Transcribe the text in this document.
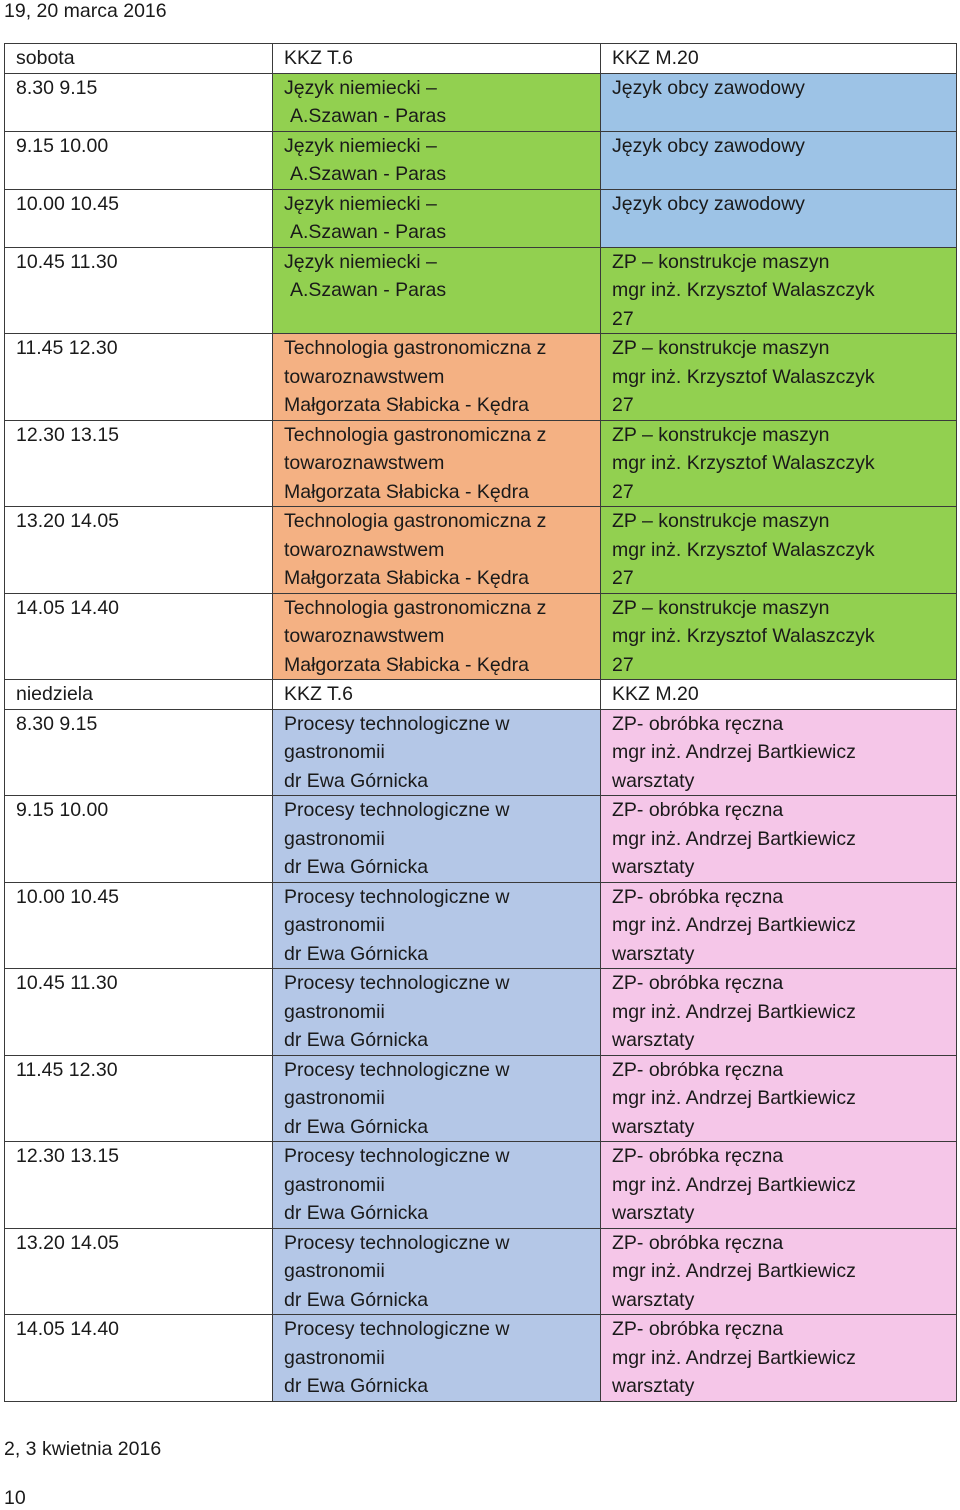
19, 20 marca 2016
sobota	KKZ T.6	KKZ M.20
8.30 9.15	Język niemiecki –
A.Szawan - Paras	Język obcy zawodowy

9.15 10.00	Język niemiecki –
A.Szawan - Paras	Język obcy zawodowy

10.00 10.45	Język niemiecki –
A.Szawan - Paras	Język obcy zawodowy

10.45 11.30	Język niemiecki –
A.Szawan - Paras	ZP – konstrukcje maszyn
mgr inż. Krzysztof Walaszczyk
27

11.45 12.30	Technologia gastronomiczna z
towaroznawstwem
Małgorzata Słabicka - Kędra	ZP – konstrukcje maszyn
mgr inż. Krzysztof Walaszczyk
27

12.30 13.15	Technologia gastronomiczna z
towaroznawstwem
Małgorzata Słabicka - Kędra	ZP – konstrukcje maszyn
mgr inż. Krzysztof Walaszczyk
27

13.20 14.05	Technologia gastronomiczna z
towaroznawstwem
Małgorzata Słabicka - Kędra	ZP – konstrukcje maszyn
mgr inż. Krzysztof Walaszczyk
27

14.05 14.40	Technologia gastronomiczna z
towaroznawstwem
Małgorzata Słabicka - Kędra	ZP – konstrukcje maszyn
mgr inż. Krzysztof Walaszczyk
27

niedziela	KKZ T.6	KKZ M.20
8.30 9.15	Procesy technologiczne w
gastronomii
dr Ewa Górnicka	ZP- obróbka ręczna
mgr inż. Andrzej Bartkiewicz
warsztaty

9.15 10.00	Procesy technologiczne w
gastronomii
dr Ewa Górnicka	ZP- obróbka ręczna
mgr inż. Andrzej Bartkiewicz
warsztaty

10.00 10.45	Procesy technologiczne w
gastronomii
dr Ewa Górnicka	ZP- obróbka ręczna
mgr inż. Andrzej Bartkiewicz
warsztaty

10.45 11.30	Procesy technologiczne w
gastronomii
dr Ewa Górnicka	ZP- obróbka ręczna
mgr inż. Andrzej Bartkiewicz
warsztaty

11.45 12.30	Procesy technologiczne w
gastronomii
dr Ewa Górnicka	ZP- obróbka ręczna
mgr inż. Andrzej Bartkiewicz
warsztaty

12.30 13.15	Procesy technologiczne w
gastronomii
dr Ewa Górnicka	ZP- obróbka ręczna
mgr inż. Andrzej Bartkiewicz
warsztaty

13.20 14.05	Procesy technologiczne w
gastronomii
dr Ewa Górnicka	ZP- obróbka ręczna
mgr inż. Andrzej Bartkiewicz
warsztaty

14.05 14.40	Procesy technologiczne w
gastronomii
dr Ewa Górnicka	ZP- obróbka ręczna
mgr inż. Andrzej Bartkiewicz
warsztaty
2, 3 kwietnia 2016
10
